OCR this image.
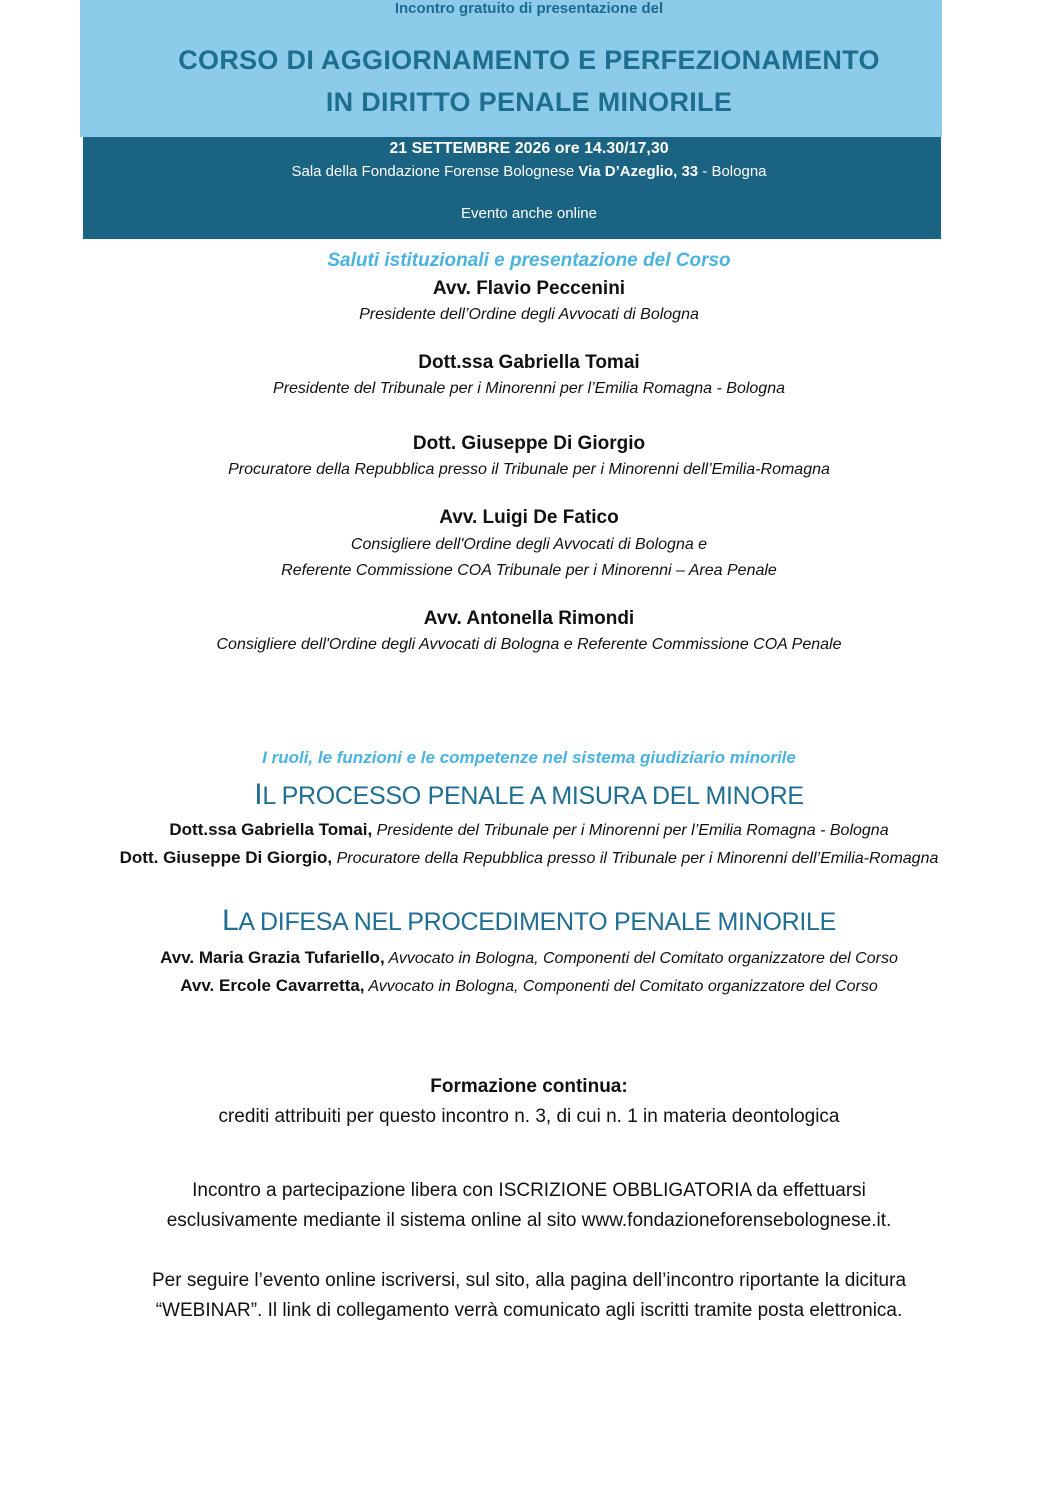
Incontro gratuito di presentazione del
CORSO DI AGGIORNAMENTO E PERFEZIONAMENTO
IN DIRITTO PENALE MINORILE
21 SETTEMBRE 2026 ore 14.30/17,30
Sala della Fondazione Forense Bolognese Via D’Azeglio, 33 - Bologna
Evento anche online
Saluti istituzionali e presentazione del Corso
Avv. Flavio Peccenini
Presidente dell’Ordine degli Avvocati di Bologna
Dott.ssa Gabriella Tomai
Presidente del Tribunale per i Minorenni per l’Emilia Romagna - Bologna
Dott. Giuseppe Di Giorgio
Procuratore della Repubblica presso il Tribunale per i Minorenni dell’Emilia-Romagna
Avv. Luigi De Fatico
Consigliere dell'Ordine degli Avvocati di Bologna e
Referente Commissione COA Tribunale per i Minorenni – Area Penale
Avv. Antonella Rimondi
Consigliere dell'Ordine degli Avvocati di Bologna e Referente Commissione COA Penale
I ruoli, le funzioni e le competenze nel sistema giudiziario minorile
IL PROCESSO PENALE A MISURA DEL MINORE
Dott.ssa Gabriella Tomai, Presidente del Tribunale per i Minorenni per l’Emilia Romagna - Bologna
Dott. Giuseppe Di Giorgio, Procuratore della Repubblica presso il Tribunale per i Minorenni dell’Emilia-Romagna
LA DIFESA NEL PROCEDIMENTO PENALE MINORILE
Avv. Maria Grazia Tufariello, Avvocato in Bologna, Componenti del Comitato organizzatore del Corso
Avv. Ercole Cavarretta, Avvocato in Bologna, Componenti del Comitato organizzatore del Corso
Formazione continua:
crediti attribuiti per questo incontro n. 3, di cui n. 1 in materia deontologica
Incontro a partecipazione libera con ISCRIZIONE OBBLIGATORIA da effettuarsi
esclusivamente mediante il sistema online al sito www.fondazioneforensebolognese.it.
Per seguire l’evento online iscriversi, sul sito, alla pagina dell’incontro riportante la dicitura
“WEBINAR”. Il link di collegamento verrà comunicato agli iscritti tramite posta elettronica.
